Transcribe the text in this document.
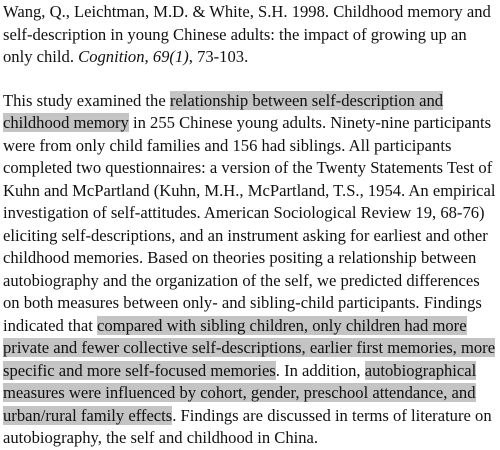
Wang, Q., Leichtman, M.D. & White, S.H. 1998. Childhood memory and self-description in young Chinese adults: the impact of growing up an only child. Cognition, 69(1), 73-103.

This study examined the relationship between self-description and childhood memory in 255 Chinese young adults. Ninety-nine participants were from only child families and 156 had siblings. All participants completed two questionnaires: a version of the Twenty Statements Test of Kuhn and McPartland (Kuhn, M.H., McPartland, T.S., 1954. An empirical investigation of self-attitudes. American Sociological Review 19, 68-76) eliciting self-descriptions, and an instrument asking for earliest and other childhood memories. Based on theories positing a relationship between autobiography and the organization of the self, we predicted differences on both measures between only- and sibling-child participants. Findings indicated that compared with sibling children, only children had more private and fewer collective self-descriptions, earlier first memories, more specific and more self-focused memories. In addition, autobiographical measures were influenced by cohort, gender, preschool attendance, and urban/rural family effects. Findings are discussed in terms of literature on autobiography, the self and childhood in China.
